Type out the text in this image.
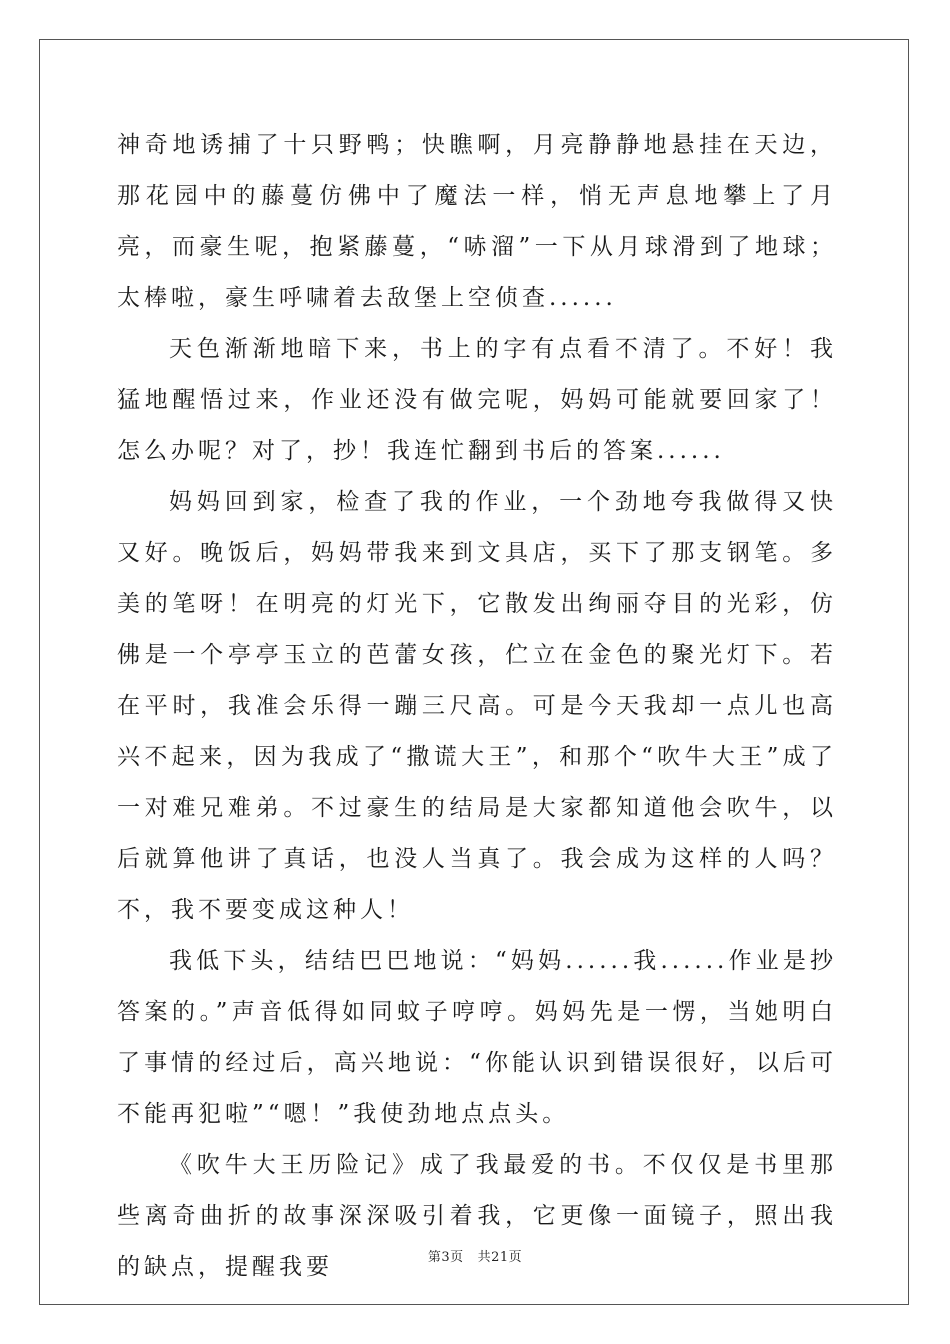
神奇地诱捕了十只野鸭；快瞧啊，月亮静静地悬挂在天边，那花园中的藤蔓仿佛中了魔法一样，悄无声息地攀上了月亮，而豪生呢，抱紧藤蔓，“哧溜”一下从月球滑到了地球；太棒啦，豪生呼啸着去敌堡上空侦查......

天色渐渐地暗下来，书上的字有点看不清了。不好！我猛地醒悟过来，作业还没有做完呢，妈妈可能就要回家了！怎么办呢？对了，抄！我连忙翻到书后的答案......

妈妈回到家，检查了我的作业，一个劲地夸我做得又快又好。晚饭后，妈妈带我来到文具店，买下了那支钢笔。多美的笔呀！在明亮的灯光下，它散发出绚丽夺目的光彩，仿佛是一个亭亭玉立的芭蕾女孩，伫立在金色的聚光灯下。若在平时，我准会乐得一蹦三尺高。可是今天我却一点儿也高兴不起来，因为我成了“撒谎大王”，和那个“吹牛大王”成了一对难兄难弟。不过豪生的结局是大家都知道他会吹牛，以后就算他讲了真话，也没人当真了。我会成为这样的人吗？不，我不要变成这种人！

我低下头，结结巴巴地说：“妈妈......我......作业是抄答案的。”声音低得如同蚊子哼哼。妈妈先是一愣，当她明白了事情的经过后，高兴地说：“你能认识到错误很好，以后可不能再犯啦”“嗯！”我使劲地点点头。

《吹牛大王历险记》成了我最爱的书。不仅仅是书里那些离奇曲折的故事深深吸引着我，它更像一面镜子，照出我的缺点，提醒我要	第3页 共21页
